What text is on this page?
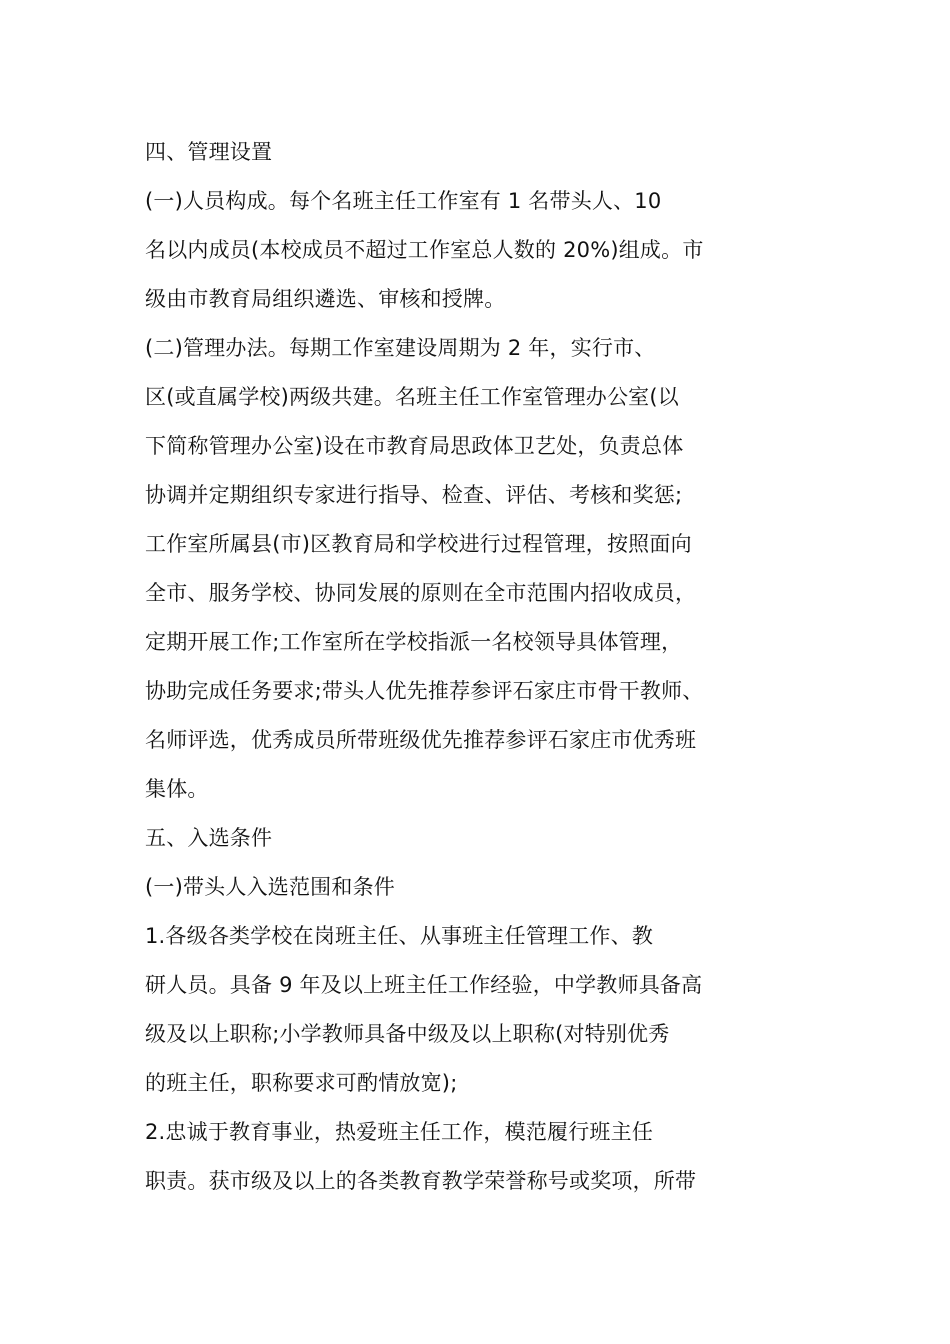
四、管理设置
(一)人员构成。每个名班主任工作室有 1 名带头人、10
名以内成员(本校成员不超过工作室总人数的 20%)组成。市
级由市教育局组织遴选、审核和授牌。
(二)管理办法。每期工作室建设周期为 2 年，实行市、
区(或直属学校)两级共建。名班主任工作室管理办公室(以
下简称管理办公室)设在市教育局思政体卫艺处，负责总体
协调并定期组织专家进行指导、检查、评估、考核和奖惩;
工作室所属县(市)区教育局和学校进行过程管理，按照面向
全市、服务学校、协同发展的原则在全市范围内招收成员，
定期开展工作;工作室所在学校指派一名校领导具体管理，
协助完成任务要求;带头人优先推荐参评石家庄市骨干教师、
名师评选，优秀成员所带班级优先推荐参评石家庄市优秀班
集体。
五、入选条件
(一)带头人入选范围和条件
1.各级各类学校在岗班主任、从事班主任管理工作、教
研人员。具备 9 年及以上班主任工作经验，中学教师具备高
级及以上职称;小学教师具备中级及以上职称(对特别优秀
的班主任，职称要求可酌情放宽);
2.忠诚于教育事业，热爱班主任工作，模范履行班主任
职责。获市级及以上的各类教育教学荣誉称号或奖项，所带
